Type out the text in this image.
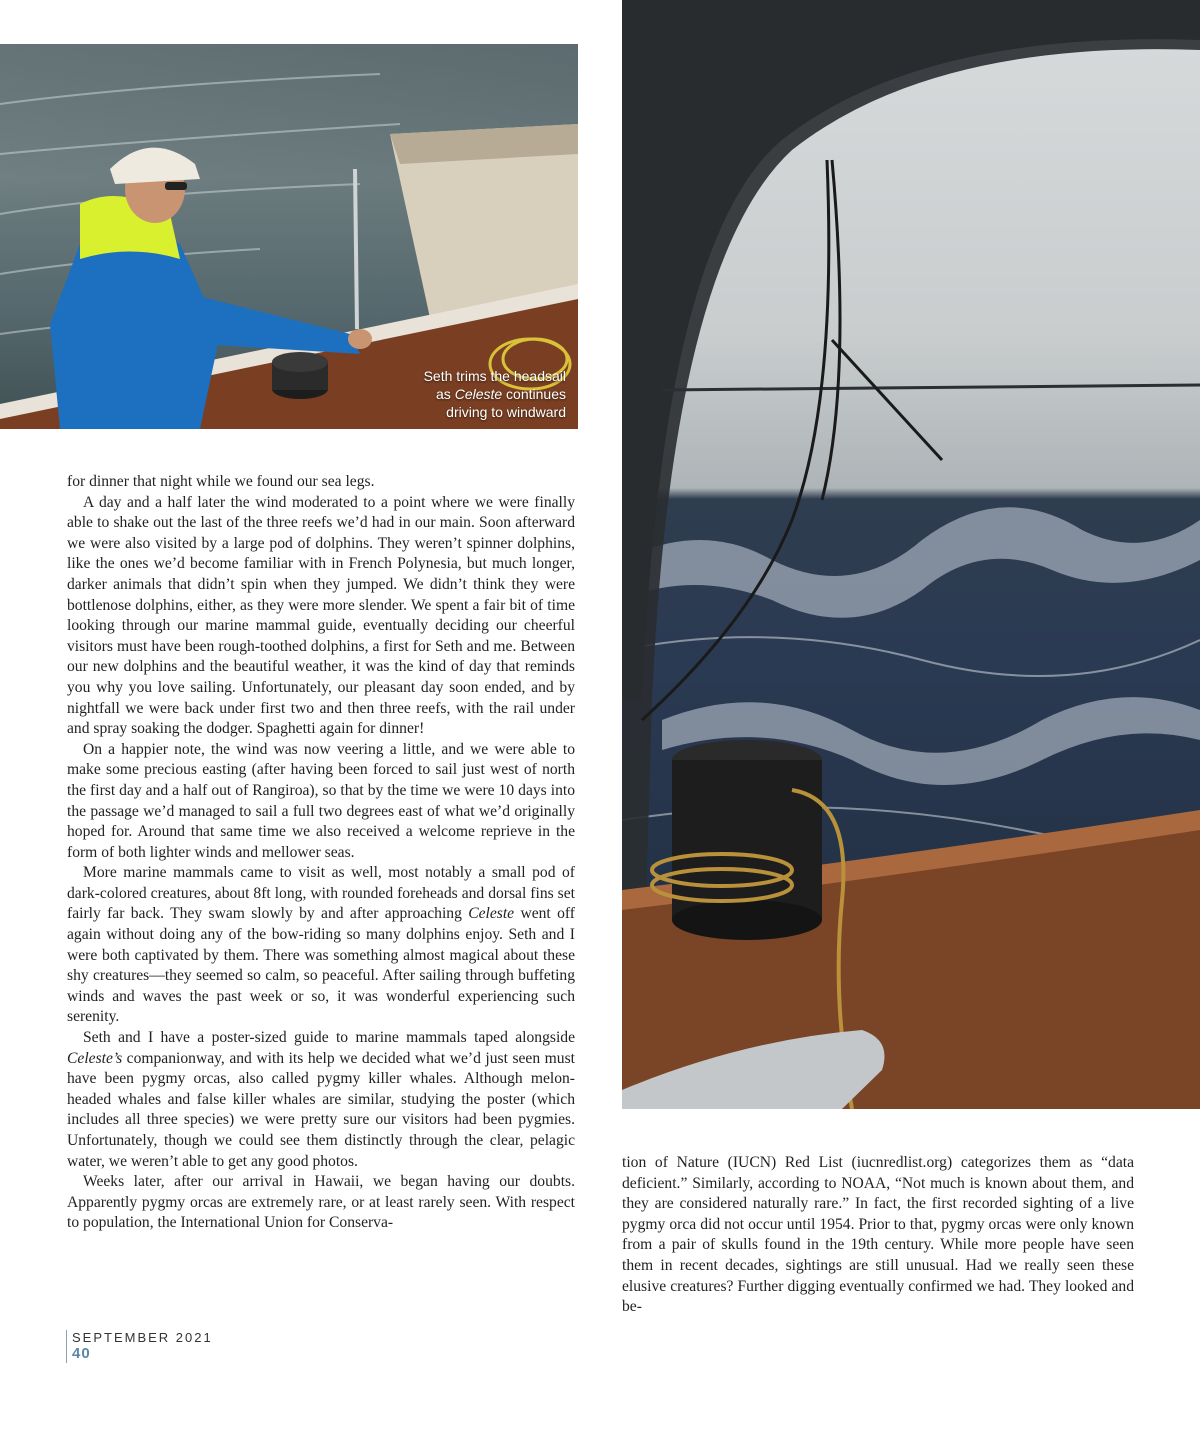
Seth trims the headsail

as Celeste continues

driving to windward

for dinner that night while we found our sea legs.

A day and a half later the wind moderated to a point where we were finally able to shake out the last of the three reefs we’d had in our main. Soon afterward we were also visited by a large pod of dolphins. They weren’t spinner dolphins, like the ones we’d become familiar with in French Polynesia, but much longer, darker animals that didn’t spin when they jumped. We didn’t think they were bottlenose dolphins, either, as they were more slender. We spent a fair bit of time looking through our marine mammal guide, eventually deciding our cheerful visitors must have been rough-toothed dolphins, a first for Seth and me. Between our new dolphins and the beautiful weather, it was the kind of day that reminds you why you love sailing. Unfortunately, our pleasant day soon ended, and by nightfall we were back under first two and then three reefs, with the rail under and spray soaking the dodger. Spaghetti again for dinner!

On a happier note, the wind was now veering a little, and we were able to make some precious easting (after having been forced to sail just west of north the first day and a half out of Rangiroa), so that by the time we were 10 days into the passage we’d managed to sail a full two degrees east of what we’d originally hoped for. Around that same time we also received a welcome reprieve in the form of both lighter winds and mellower seas.

More marine mammals came to visit as well, most notably a small pod of dark-colored creatures, about 8ft long, with rounded foreheads and dorsal fins set fairly far back. They swam slowly by and after approaching Celeste went off again without doing any of the bow-riding so many dolphins enjoy. Seth and I were both captivated by them. There was something almost magical about these shy creatures—they seemed so calm, so peaceful. After sailing through buffeting winds and waves the past week or so, it was wonderful experiencing such serenity.

Seth and I have a poster-sized guide to marine mammals taped alongside Celeste’s companionway, and with its help we decided what we’d just seen must have been pygmy orcas, also called pygmy killer whales. Although melon-headed whales and false killer whales are similar, studying the poster (which includes all three species) we were pretty sure our visitors had been pygmies. Unfortunately, though we could see them distinctly through the clear, pelagic water, we weren’t able to get any good photos.

Weeks later, after our arrival in Hawaii, we began having our doubts. Apparently pygmy orcas are extremely rare, or at least rarely seen. With respect to population, the International Union for Conserva-

tion of Nature (IUCN) Red List (iucnredlist.org) categorizes them as “data deficient.” Similarly, according to NOAA, “Not much is known about them, and they are considered naturally rare.” In fact, the first recorded sighting of a live pygmy orca did not occur until 1954. Prior to that, pygmy orcas were only known from a pair of skulls found in the 19th century. While more people have seen them in recent decades, sightings are still unusual. Had we really seen these elusive creatures? Further digging eventually confirmed we had. They looked and be-

SEPTEMBER 2021
40
